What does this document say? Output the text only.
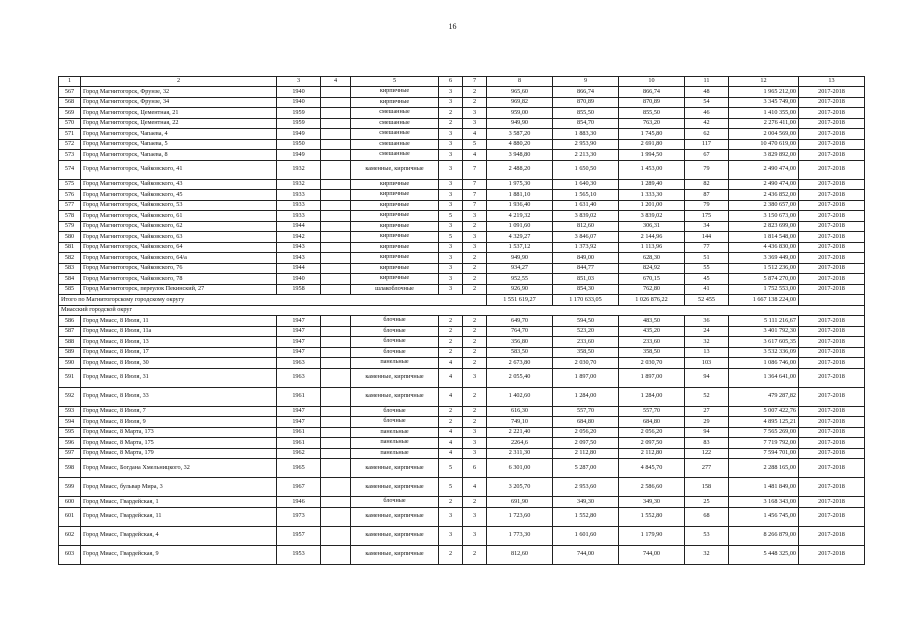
16
1	2	3	4	5	6	7	8	9	10	11	12	13
567	Город Магнитогорск, Фрунзе, 32	1940		кирпичные	3	2	965,60	866,74	866,74	48	1 965 212,00	2017-2018
568	Город Магнитогорск, Фрунзе, 34	1940		кирпичные	3	2	969,82	870,89	870,89	54	3 345 749,00	2017-2018
569	Город Магнитогорск, Цементная, 21	1959		смешанные	2	3	959,00	855,50	855,50	46	1 410 355,00	2017-2018
570	Город Магнитогорск, Цементная, 22	1959		смешанные	2	3	949,90	854,70	763,20	42	2 276 411,00	2017-2018
571	Город Магнитогорск, Чапаева, 4	1949		смешанные	3	4	3 587,20	1 883,30	1 745,80	62	2 004 569,00	2017-2018
572	Город Магнитогорск, Чапаева, 5	1950		смешанные	3	5	4 880,20	2 953,90	2 691,80	117	10 470 619,00	2017-2018
573	Город Магнитогорск, Чапаева, 8	1949		смешанные	3	4	3 948,80	2 213,30	1 994,50	67	3 829 892,00	2017-2018
574	Город Магнитогорск, Чайковского, 41	1932		каменные, кирпичные	3	7	2 488,20	1 650,50	1 453,00	79	2 490 474,00	2017-2018
575	Город Магнитогорск, Чайковского, 43	1932		кирпичные	3	7	1 975,30	1 640,30	1 289,40	82	2 490 474,00	2017-2018
576	Город Магнитогорск, Чайковского, 45	1933		кирпичные	3	7	1 881,10	1 565,10	1 333,30	87	2 436 852,00	2017-2018
577	Город Магнитогорск, Чайковского, 53	1933		кирпичные	3	7	1 936,40	1 631,40	1 201,00	79	2 380 657,00	2017-2018
578	Город Магнитогорск, Чайковского, 61	1933		кирпичные	5	3	4 219,32	3 839,02	3 839,02	175	3 150 673,00	2017-2018
579	Город Магнитогорск, Чайковского, 62	1944		кирпичные	3	2	1 091,60	812,60	306,31	34	2 823 699,00	2017-2018
580	Город Магнитогорск, Чайковского, 63	1942		кирпичные	5	3	4 329,27	3 846,07	2 144,96	144	1 814 548,00	2017-2018
581	Город Магнитогорск, Чайковского, 64	1943		кирпичные	3	3	1 537,12	1 373,92	1 113,96	77	4 436 830,00	2017-2018
582	Город Магнитогорск, Чайковского, 64/а	1943		кирпичные	3	2	949,90	849,00	628,30	51	3 369 449,00	2017-2018
583	Город Магнитогорск, Чайковского, 76	1944		кирпичные	3	2	934,27	844,77	824,92	55	1 512 236,00	2017-2018
584	Город Магнитогорск, Чайковского, 78	1940		кирпичные	3	2	952,55	851,03	670,15	45	5 874 270,00	2017-2018
585	Город Магнитогорск, переулок Пекинский, 27	1958		шлакоблочные	3	2	926,90	854,30	762,80	41	1 752 553,00	2017-2018
Итого по Магнитогорскому городскому округу							1 551 619,27	1 170 633,05	1 026 876,22	52 455	1 667 138 224,00	
Миасский городской округ												
586	Город Миасс, 8 Июля, 11	1947		блочные	2	2	649,70	594,50	483,50	36	5 111 216,67	2017-2018
587	Город Миасс, 8 Июля, 11а	1947		блочные	2	2	764,70	523,20	435,20	24	3 401 792,30	2017-2018
588	Город Миасс, 8 Июля, 13	1947		блочные	2	2	356,80	233,60	233,60	32	3 617 605,35	2017-2018
589	Город Миасс, 8 Июля, 17	1947		блочные	2	2	583,50	358,50	358,50	13	3 532 336,09	2017-2018
590	Город Миасс, 8 Июля, 30	1963		панельные	4	2	2 673,80	2 030,70	2 030,70	103	1 086 746,00	2017-2018
591	Город Миасс, 8 Июля, 31	1963		каменные, кирпичные	4	3	2 055,40	1 897,00	1 897,00	94	1 364 641,00	2017-2018
592	Город Миасс, 8 Июля, 33	1961		каменные, кирпичные	4	2	1 402,60	1 284,00	1 284,00	52	479 287,82	2017-2018
593	Город Миасс, 8 Июля, 7	1947		блочные	2	2	616,30	557,70	557,70	27	5 007 422,76	2017-2018
594	Город Миасс, 8 Июля, 9	1947		блочные	2	2	749,10	684,80	684,80	29	4 895 125,21	2017-2018
595	Город Миасс, 8 Марта, 173	1961		панельные	4	3	2 221,40	2 056,20	2 056,20	94	7 565 269,00	2017-2018
596	Город Миасс, 8 Марта, 175	1961		панельные	4	3	2264,6	2 097,50	2 097,50	83	7 719 792,00	2017-2018
597	Город Миасс, 8 Марта, 179	1962		панельные	4	3	2 311,30	2 112,80	2 112,80	122	7 594 701,00	2017-2018
598	Город Миасс, Богдана Хмельницкого, 32	1965		каменные, кирпичные	5	6	6 301,00	5 287,00	4 845,70	277	2 288 165,00	2017-2018
599	Город Миасс, бульвар Мира, 3	1967		каменные, кирпичные	5	4	3 205,70	2 953,60	2 586,60	158	1 481 849,00	2017-2018
600	Город Миасс, Гвардейская, 1	1946		блочные	2	2	691,90	349,30	349,30	25	3 168 343,00	2017-2018
601	Город Миасс, Гвардейская, 11	1973		каменные, кирпичные	3	3	1 723,60	1 552,80	1 552,80	68	1 456 745,00	2017-2018
602	Город Миасс, Гвардейская, 4	1957		каменные, кирпичные	3	3	1 773,30	1 601,60	1 179,90	53	8 266 879,00	2017-2018
603	Город Миасс, Гвардейская, 9	1953		каменные, кирпичные	2	2	812,60	744,00	744,00	32	5 448 325,00	2017-2018
